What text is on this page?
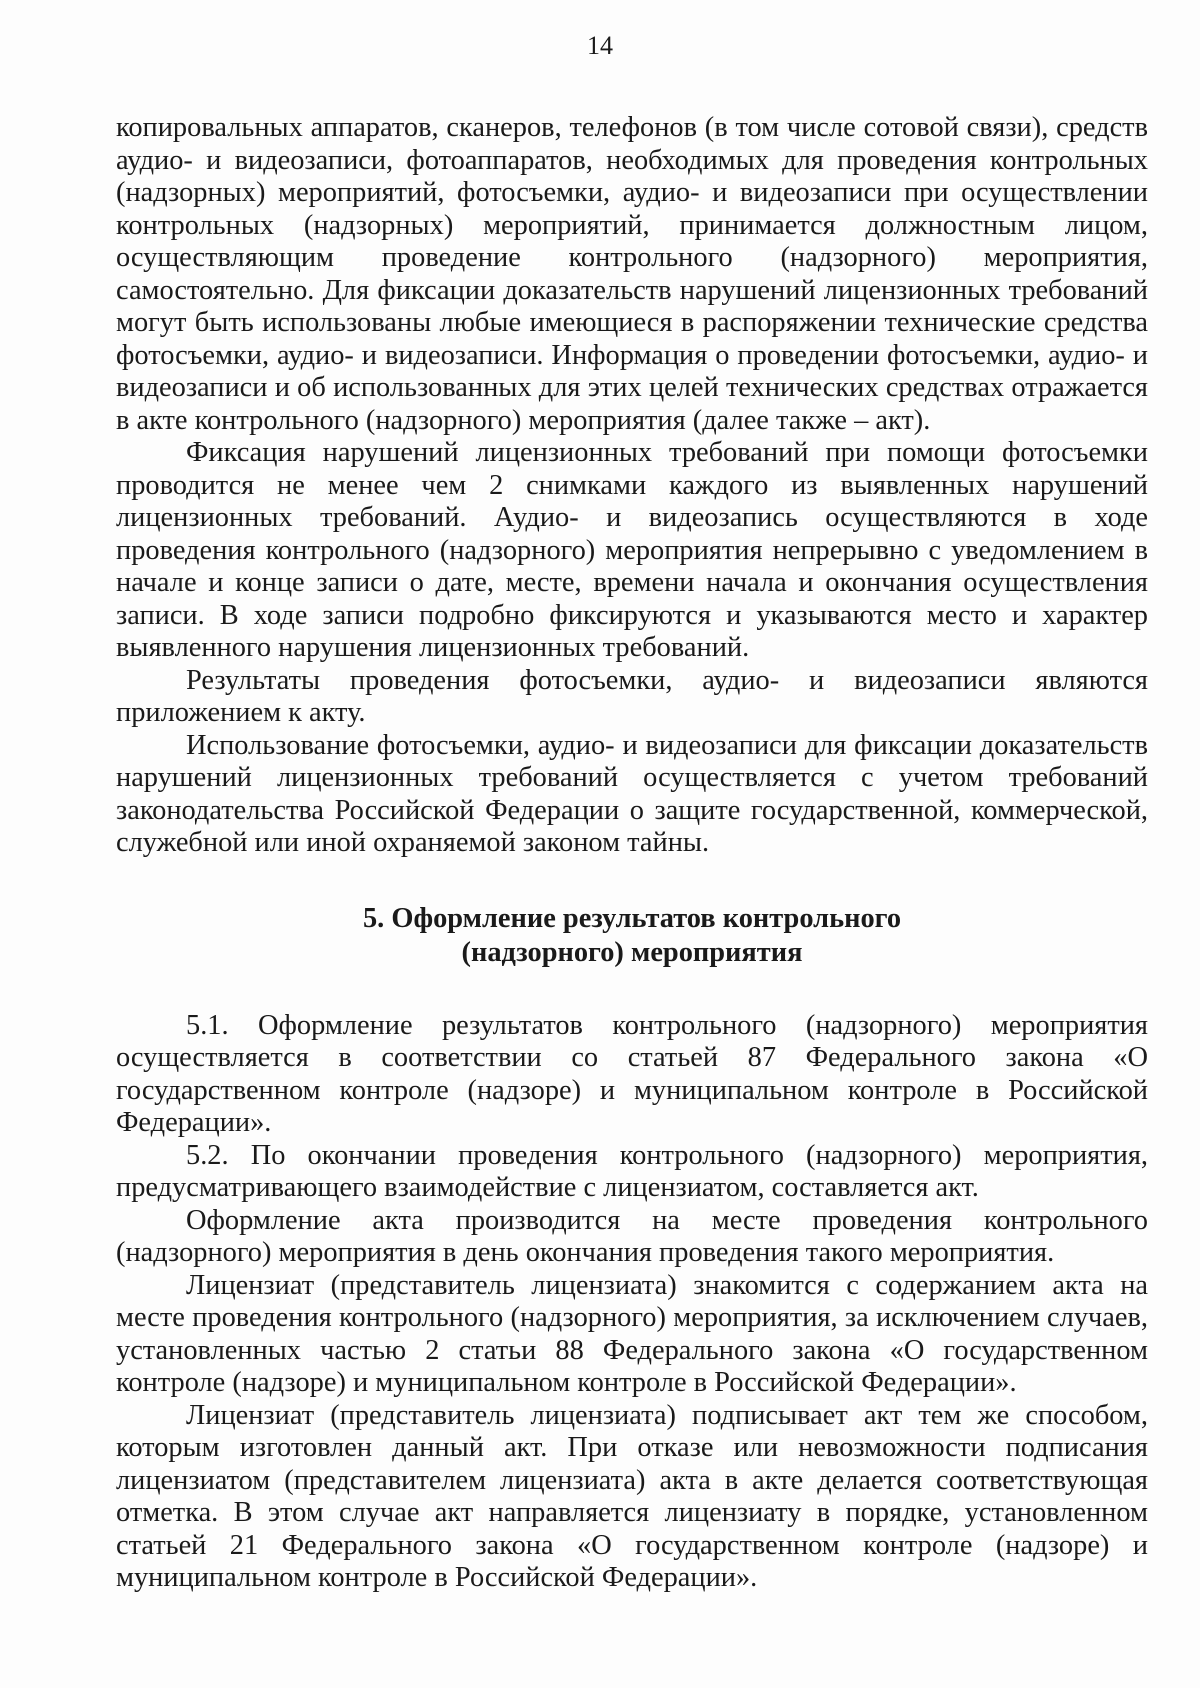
14

копировальных аппаратов, сканеров, телефонов (в том числе сотовой связи), средств аудио- и видеозаписи, фотоаппаратов, необходимых для проведения контрольных (надзорных) мероприятий, фотосъемки, аудио- и видеозаписи при осуществлении контрольных (надзорных) мероприятий, принимается должностным лицом, осуществляющим проведение контрольного (надзорного) мероприятия, самостоятельно. Для фиксации доказательств нарушений лицензионных требований могут быть использованы любые имеющиеся в распоряжении технические средства фотосъемки, аудио- и видеозаписи. Информация о проведении фотосъемки, аудио- и видеозаписи и об использованных для этих целей технических средствах отражается в акте контрольного (надзорного) мероприятия (далее также – акт).

Фиксация нарушений лицензионных требований при помощи фотосъемки проводится не менее чем 2 снимками каждого из выявленных нарушений лицензионных требований. Аудио- и видеозапись осуществляются в ходе проведения контрольного (надзорного) мероприятия непрерывно с уведомлением в начале и конце записи о дате, месте, времени начала и окончания осуществления записи. В ходе записи подробно фиксируются и указываются место и характер выявленного нарушения лицензионных требований.

Результаты проведения фотосъемки, аудио- и видеозаписи являются приложением к акту.

Использование фотосъемки, аудио- и видеозаписи для фиксации доказательств нарушений лицензионных требований осуществляется с учетом требований законодательства Российской Федерации о защите государственной, коммерческой, служебной или иной охраняемой законом тайны.

5. Оформление результатов контрольного
(надзорного) мероприятия

5.1. Оформление результатов контрольного (надзорного) мероприятия осуществляется в соответствии со статьей 87 Федерального закона «О государственном контроле (надзоре) и муниципальном контроле в Российской Федерации».

5.2. По окончании проведения контрольного (надзорного) мероприятия, предусматривающего взаимодействие с лицензиатом, составляется акт.

Оформление акта производится на месте проведения контрольного (надзорного) мероприятия в день окончания проведения такого мероприятия.

Лицензиат (представитель лицензиата) знакомится с содержанием акта на месте проведения контрольного (надзорного) мероприятия, за исключением случаев, установленных частью 2 статьи 88 Федерального закона «О государственном контроле (надзоре) и муниципальном контроле в Российской Федерации».

Лицензиат (представитель лицензиата) подписывает акт тем же способом, которым изготовлен данный акт. При отказе или невозможности подписания лицензиатом (представителем лицензиата) акта в акте делается соответствующая отметка. В этом случае акт направляется лицензиату в порядке, установленном статьей 21 Федерального закона «О государственном контроле (надзоре) и муниципальном контроле в Российской Федерации».
